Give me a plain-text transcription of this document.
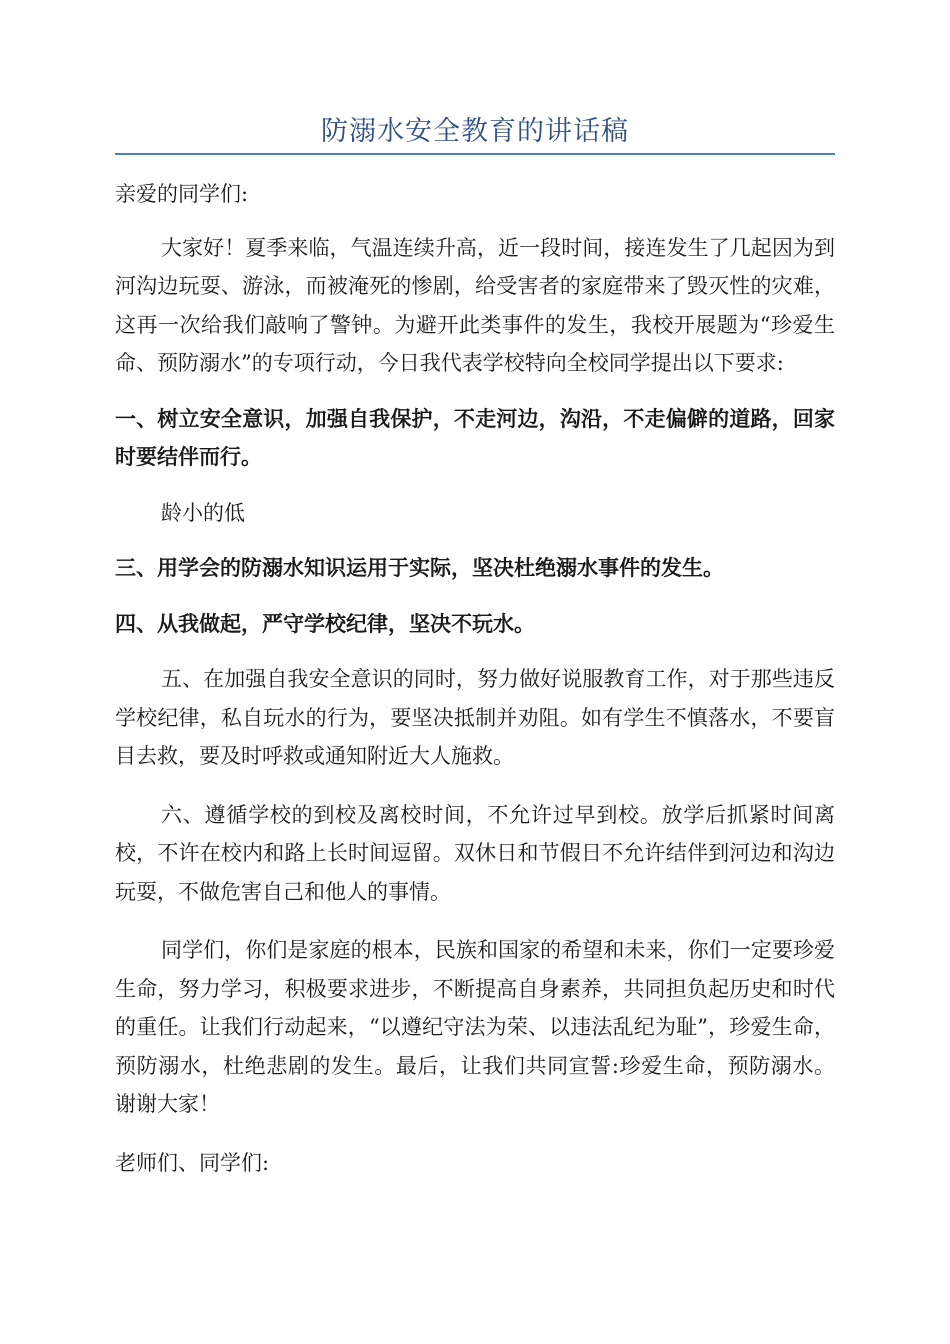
防溺水安全教育的讲话稿

亲爱的同学们:

大家好！夏季来临，气温连续升高，近一段时间，接连发生了几起因为到河沟边玩耍、游泳，而被淹死的惨剧，给受害者的家庭带来了毁灭性的灾难，这再一次给我们敲响了警钟。为避开此类事件的发生，我校开展题为“珍爱生命、预防溺水”的专项行动，今日我代表学校特向全校同学提出以下要求:

一、树立安全意识，加强自我保护，不走河边，沟沿，不走偏僻的道路，回家时要结伴而行。

龄小的低

三、用学会的防溺水知识运用于实际，坚决杜绝溺水事件的发生。

四、从我做起，严守学校纪律，坚决不玩水。

五、在加强自我安全意识的同时，努力做好说服教育工作，对于那些违反学校纪律，私自玩水的行为，要坚决抵制并劝阻。如有学生不慎落水，不要盲目去救，要及时呼救或通知附近大人施救。

六、遵循学校的到校及离校时间，不允许过早到校。放学后抓紧时间离校，不许在校内和路上长时间逗留。双休日和节假日不允许结伴到河边和沟边玩耍，不做危害自己和他人的事情。

同学们，你们是家庭的根本，民族和国家的希望和未来，你们一定要珍爱生命，努力学习，积极要求进步，不断提高自身素养，共同担负起历史和时代的重任。让我们行动起来，“以遵纪守法为荣、以违法乱纪为耻”，珍爱生命，预防溺水，杜绝悲剧的发生。最后，让我们共同宣誓:珍爱生命，预防溺水。谢谢大家！

老师们、同学们:
